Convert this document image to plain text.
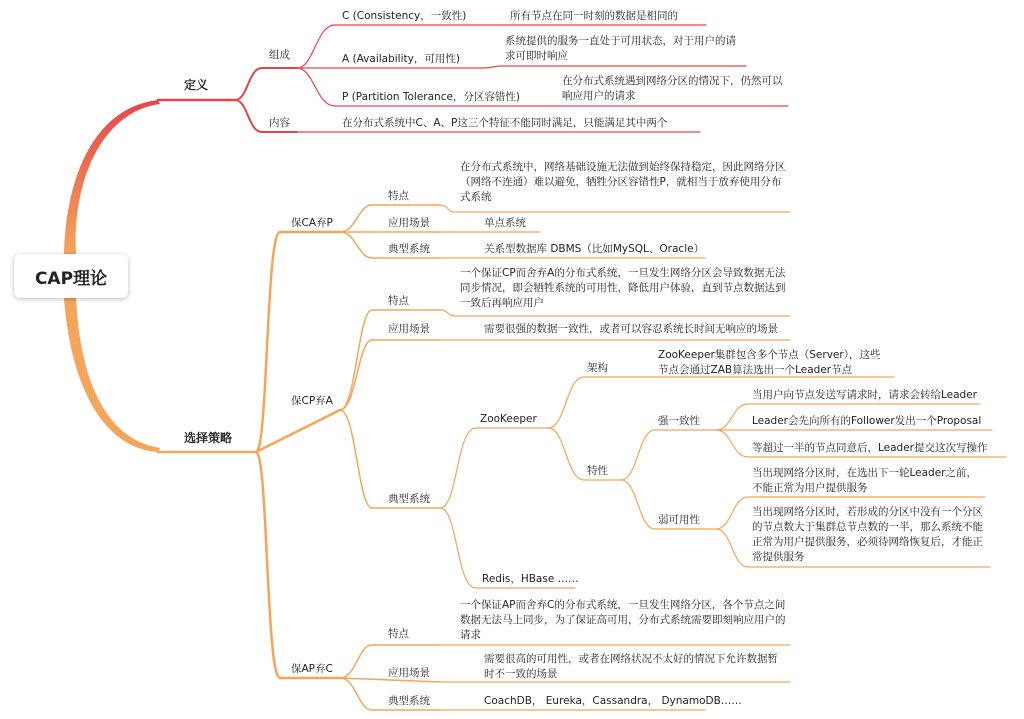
CAP理论
定义
组成
内容
C (Consistency，一致性)	所有节点在同一时刻的数据是相同的
A (Availability，可用性)
系统提供的服务一直处于可用状态，对于用户的请求可即时响应
P (Partition Tolerance，分区容错性)
在分布式系统遇到网络分区的情况下，仍然可以响应用户的请求
在分布式系统中C、A、P这三个特征不能同时满足，只能满足其中两个
选择策略
保CA弃P
特点
在分布式系统中，网络基础设施无法做到始终保持稳定，因此网络分区（网络不连通）难以避免，牺牲分区容错性P，就相当于放弃使用分布式系统
应用场景	单点系统
典型系统	关系型数据库 DBMS（比如MySQL、Oracle）
保CP弃A
特点
一个保证CP而舍弃A的分布式系统，一旦发生网络分区会导致数据无法同步情况，即会牺牲系统的可用性，降低用户体验，直到节点数据达到一致后再响应用户
应用场景	需要很强的数据一致性，或者可以容忍系统长时间无响应的场景
典型系统
ZooKeeper
架构
ZooKeeper集群包含多个节点（Server），这些节点会通过ZAB算法选出一个Leader节点
特性
强一致性
当用户向节点发送写请求时，请求会转给Leader
Leader会先向所有的Follower发出一个Proposal
等超过一半的节点同意后，Leader提交这次写操作
弱可用性
当出现网络分区时，在选出下一轮Leader之前，不能正常为用户提供服务
当出现网络分区时，若形成的分区中没有一个分区的节点数大于集群总节点数的一半，那么系统不能正常为用户提供服务，必须待网络恢复后，才能正常提供服务
Redis，HBase ……
保AP弃C
特点
一个保证AP而舍弃C的分布式系统，一旦发生网络分区，各个节点之间数据无法马上同步，为了保证高可用，分布式系统需要即刻响应用户的请求
应用场景
需要很高的可用性，或者在网络状况不太好的情况下允许数据暂时不一致的场景
典型系统	CoachDB， Eureka，Cassandra， DynamoDB……
